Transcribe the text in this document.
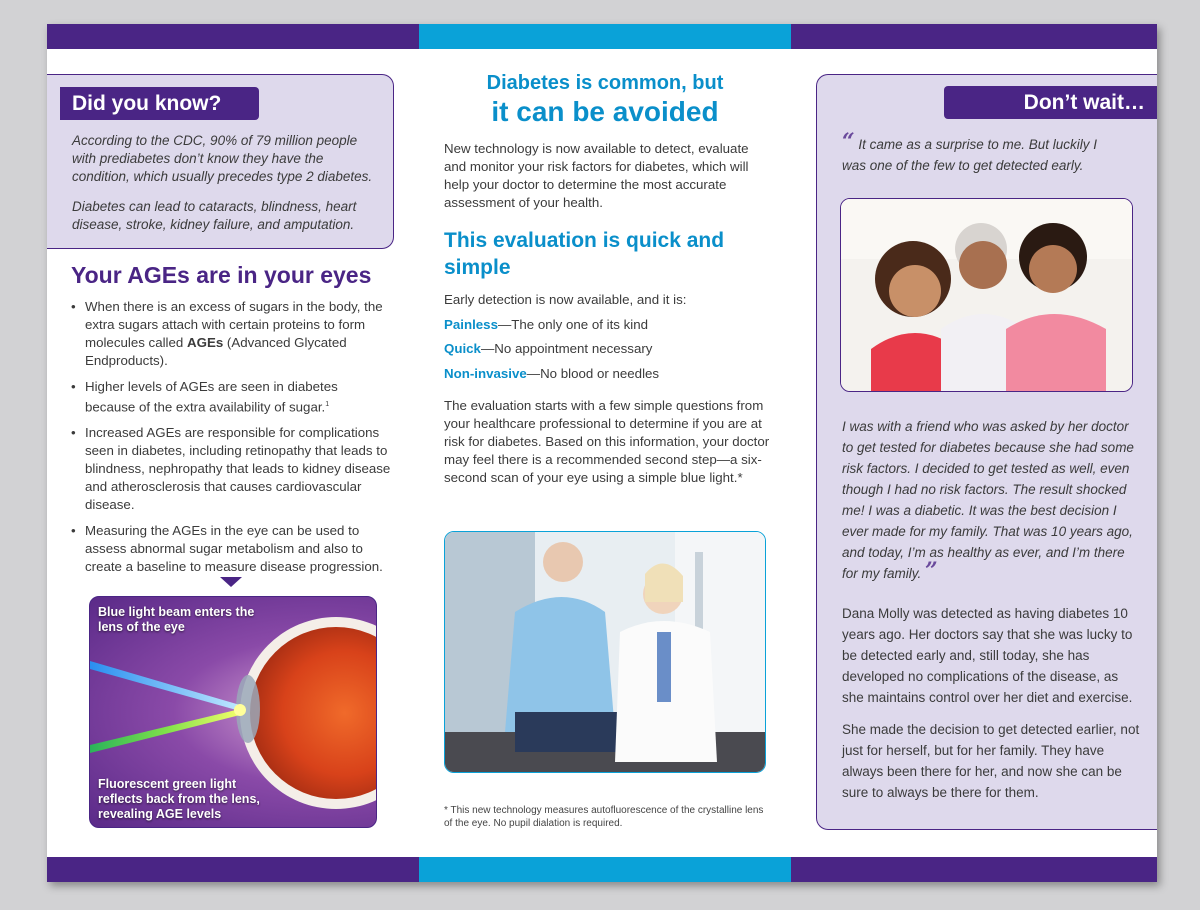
Did you know?

According to the CDC, 90% of 79 million people with prediabetes don’t know they have the condition, which usually precedes type 2 diabetes.

Diabetes can lead to cataracts, blindness, heart disease, stroke, kidney failure, and amputation.

Your AGEs are in your eyes
• When there is an excess of sugars in the body, the extra sugars attach with certain proteins to form molecules called AGEs (Advanced Glycated Endproducts).
• Higher levels of AGEs are seen in diabetes because of the extra availability of sugar.$^1$
• Increased AGEs are responsible for complications seen in diabetes, including retinopathy that leads to blindness, nephropathy that leads to kidney disease and atherosclerosis that causes cardiovascular disease.
• Measuring the AGEs in the eye can be used to assess abnormal sugar metabolism and also to create a baseline to measure disease progression.
Blue light beam enters the lens of the eye
Fluorescent green light reflects back from the lens, revealing AGE levels
Diabetes is common, but
it can be avoided
New technology is now available to detect, evaluate and monitor your risk factors for diabetes, which will help your doctor to determine the most accurate assessment of your health.
This evaluation is quick and simple
Early detection is now available, and it is:
Painless—The only one of its kind
Quick—No appointment necessary
Non-invasive—No blood or needles
The evaluation starts with a few simple questions from your healthcare professional to determine if you are at risk for diabetes. Based on this information, your doctor may feel there is a recommended second step—a six-second scan of your eye using a simple blue light.*
* This new technology measures autofluorescence of the crystalline lens of the eye. No pupil dialation is required.
Don’t wait…
“ It came as a surprise to me. But luckily I was one of the few to get detected early.
I was with a friend who was asked by her doctor to get tested for diabetes because she had some risk factors. I decided to get tested as well, even though I had no risk factors. The result shocked me! I was a diabetic. It was the best decision I ever made for my family. That was 10 years ago, and today, I’m as healthy as ever, and I’m there for my family. ”
Dana Molly was detected as having diabetes 10 years ago. Her doctors say that she was lucky to be detected early and, still today, she has developed no complications of the disease, as she maintains control over her diet and exercise.
She made the decision to get detected earlier, not just for herself, but for her family. They have always been there for her, and now she can be sure to always be there for them.
